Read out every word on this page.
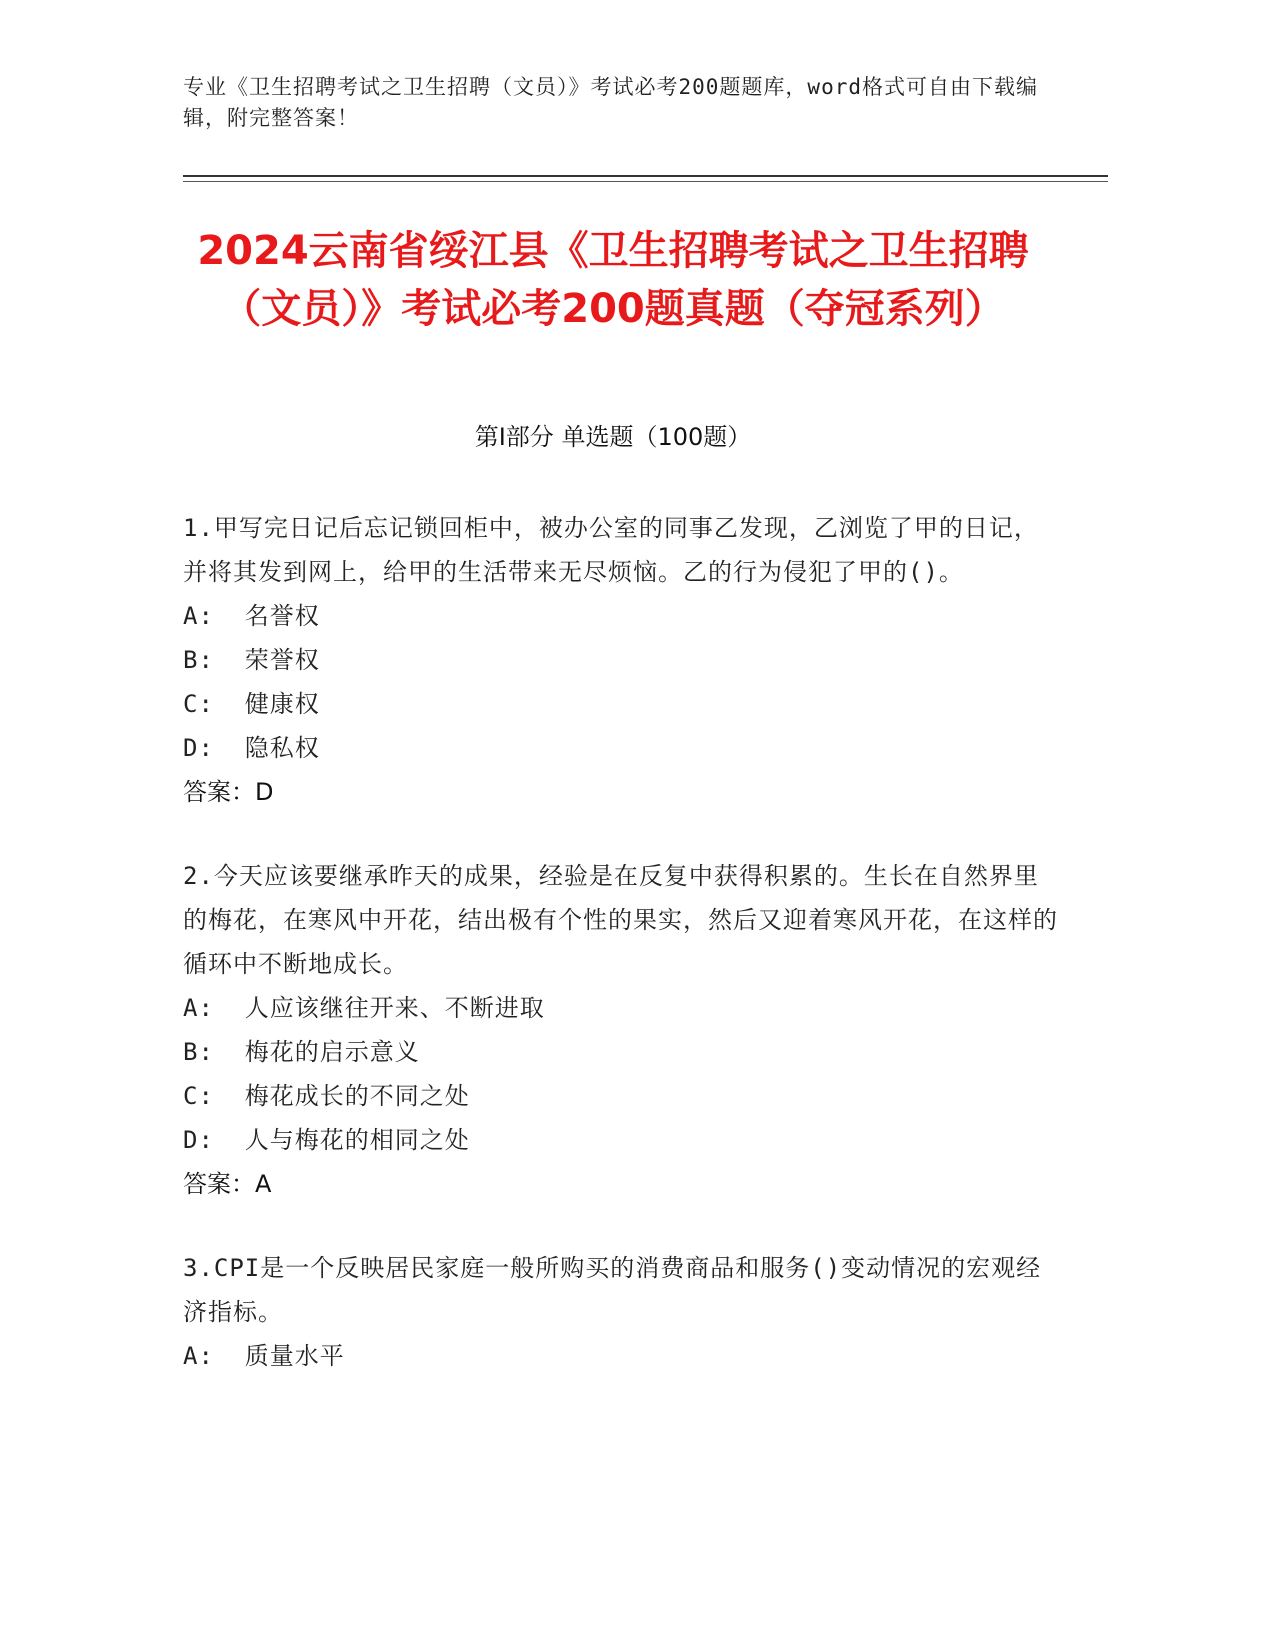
专业《卫生招聘考试之卫生招聘（文员）》考试必考200题题库，word格式可自由下载编辑，附完整答案！
2024云南省绥江县《卫生招聘考试之卫生招聘（文员）》考试必考200题真题（夺冠系列）
第Ⅰ部分 单选题（100题）
1.甲写完日记后忘记锁回柜中，被办公室的同事乙发现，乙浏览了甲的日记，并将其发到网上，给甲的生活带来无尽烦恼。乙的行为侵犯了甲的()。
A:  名誉权
B:  荣誉权
C:  健康权
D:  隐私权
答案：D
2.今天应该要继承昨天的成果，经验是在反复中获得积累的。生长在自然界里的梅花，在寒风中开花，结出极有个性的果实，然后又迎着寒风开花，在这样的循环中不断地成长。
A:  人应该继往开来、不断进取
B:  梅花的启示意义
C:  梅花成长的不同之处
D:  人与梅花的相同之处
答案：A
3.CPI是一个反映居民家庭一般所购买的消费商品和服务()变动情况的宏观经济指标。
A:  质量水平
